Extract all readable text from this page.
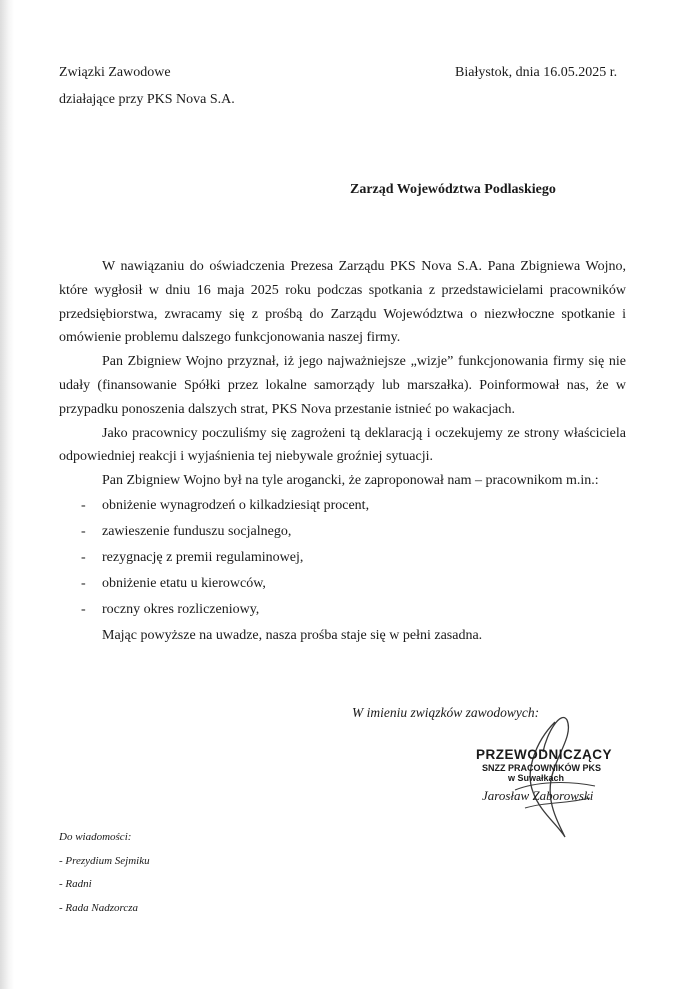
Związki Zawodowe
działające przy PKS Nova S.A.
Białystok, dnia 16.05.2025 r.
Zarząd Województwa Podlaskiego

W nawiązaniu do oświadczenia Prezesa Zarządu PKS Nova S.A. Pana Zbigniewa Wojno, które wygłosił w dniu 16 maja 2025 roku podczas spotkania z przedstawicielami pracowników przedsiębiorstwa, zwracamy się z prośbą do Zarządu Województwa o niezwłoczne spotkanie i omówienie problemu dalszego funkcjonowania naszej firmy.

Pan Zbigniew Wojno przyznał, iż jego najważniejsze „wizje” funkcjonowania firmy się nie udały (finansowanie Spółki przez lokalne samorządy lub marszałka). Poinformował nas, że w przypadku ponoszenia dalszych strat, PKS Nova przestanie istnieć po wakacjach.

Jako pracownicy poczuliśmy się zagrożeni tą deklaracją i oczekujemy ze strony właściciela odpowiedniej reakcji i wyjaśnienia tej niebywale groźniej sytuacji.

Pan Zbigniew Wojno był na tyle arogancki, że zaproponował nam – pracownikom m.in.:

- obniżenie wynagrodzeń o kilkadziesiąt procent,
- zawieszenie funduszu socjalnego,
- rezygnację z premii regulaminowej,
- obniżenie etatu u kierowców,
- roczny okres rozliczeniowy,

Mając powyższe na uwadze, nasza prośba staje się w pełni zasadna.

W imieniu związków zawodowych:
PRZEWODNICZĄCY
SNZZ PRACOWNIKÓW PKS
w Suwałkach
Jarosław Zaborowski
Do wiadomości:
- Prezydium Sejmiku
- Radni
- Rada Nadzorcza
